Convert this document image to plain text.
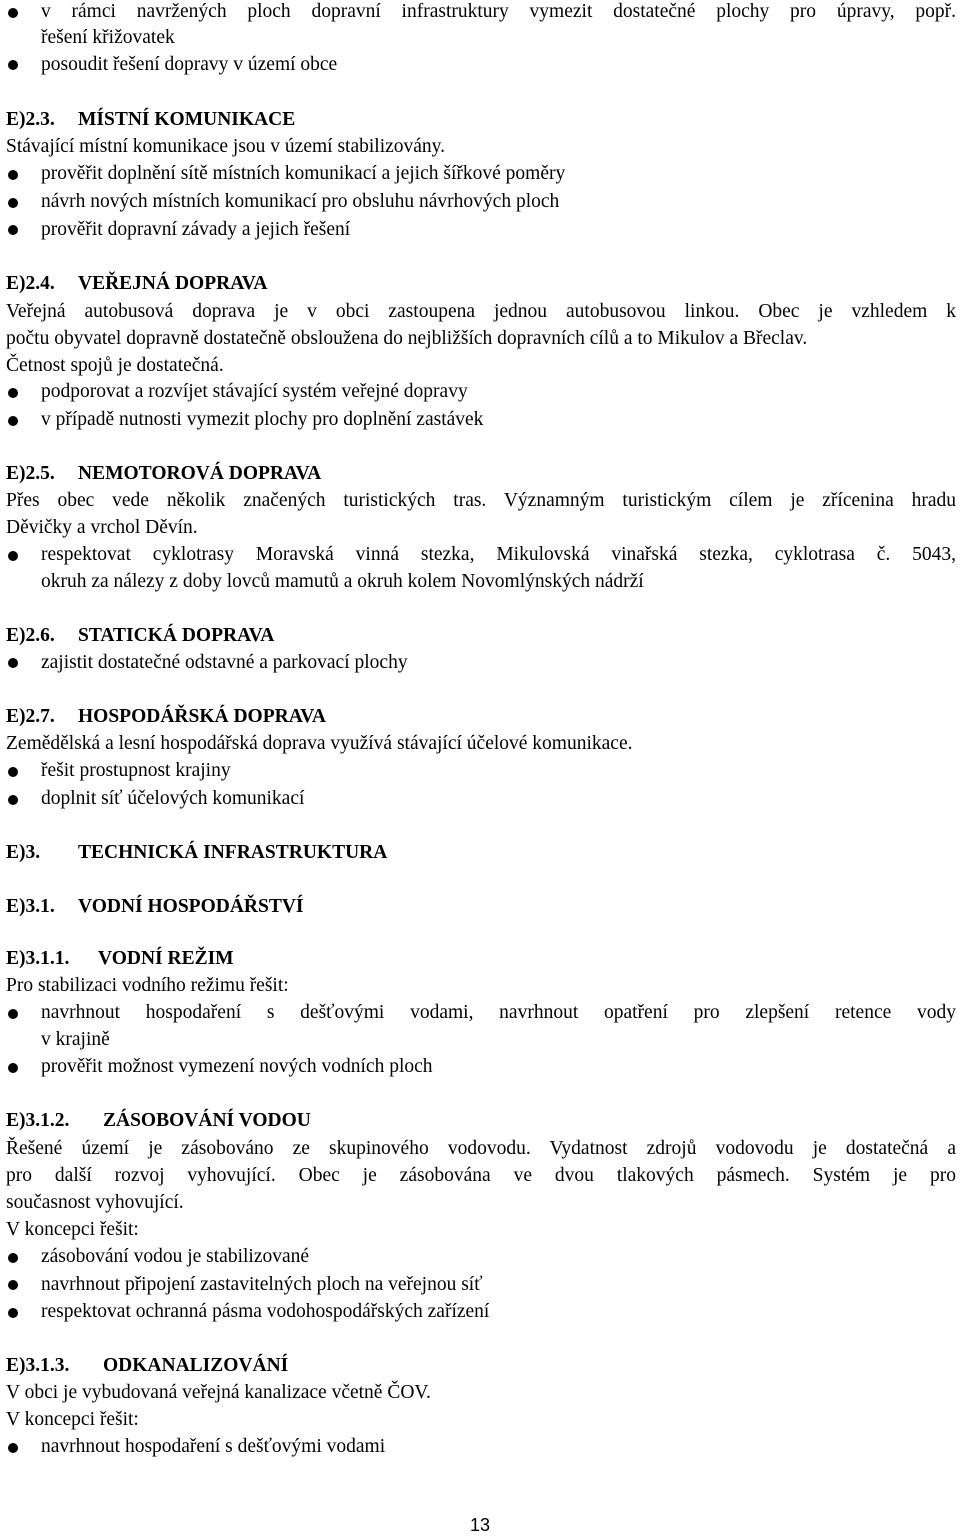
v rámci navržených ploch dopravní infrastruktury vymezit dostatečné plochy pro úpravy, popř.

řešení křižovatek

posoudit řešení dopravy v území obce

E)2.3. MÍSTNÍ KOMUNIKACE

Stávající místní komunikace jsou v území stabilizovány.

prověřit doplnění sítě místních komunikací a jejich šířkové poměry

návrh nových místních komunikací pro obsluhu návrhových ploch

prověřit dopravní závady a jejich řešení

E)2.4. VEŘEJNÁ DOPRAVA

Veřejná autobusová doprava je v obci zastoupena jednou autobusovou linkou. Obec je vzhledem k

počtu obyvatel dopravně dostatečně obsloužena do nejbližších dopravních cílů a to Mikulov a Břeclav.

Četnost spojů je dostatečná.

podporovat a rozvíjet stávající systém veřejné dopravy

v případě nutnosti vymezit plochy pro doplnění zastávek

E)2.5. NEMOTOROVÁ DOPRAVA

Přes obec vede několik značených turistických tras. Významným turistickým cílem je zřícenina hradu

Děvičky a vrchol Děvín.

respektovat cyklotrasy Moravská vinná stezka, Mikulovská vinařská stezka, cyklotrasa č. 5043,

okruh za nálezy z doby lovců mamutů a okruh kolem Novomlýnských nádrží

E)2.6. STATICKÁ DOPRAVA

zajistit dostatečné odstavné a parkovací plochy

E)2.7. HOSPODÁŘSKÁ DOPRAVA

Zemědělská a lesní hospodářská doprava využívá stávající účelové komunikace.

řešit prostupnost krajiny

doplnit síť účelových komunikací

E)3. TECHNICKÁ INFRASTRUKTURA

E)3.1. VODNÍ HOSPODÁŘSTVÍ

E)3.1.1. VODNÍ REŽIM

Pro stabilizaci vodního režimu řešit:

navrhnout hospodaření s dešťovými vodami, navrhnout opatření pro zlepšení retence vody

v krajině

prověřit možnost vymezení nových vodních ploch

E)3.1.2. ZÁSOBOVÁNÍ VODOU

Řešené území je zásobováno ze skupinového vodovodu. Vydatnost zdrojů vodovodu je dostatečná a

pro další rozvoj vyhovující. Obec je zásobována ve dvou tlakových pásmech. Systém je pro

současnost vyhovující.

V koncepci řešit:

zásobování vodou je stabilizované

navrhnout připojení zastavitelných ploch na veřejnou síť

respektovat ochranná pásma vodohospodářských zařízení

E)3.1.3. ODKANALIZOVÁNÍ

V obci je vybudovaná veřejná kanalizace včetně ČOV.

V koncepci řešit:

navrhnout hospodaření s dešťovými vodami

13
